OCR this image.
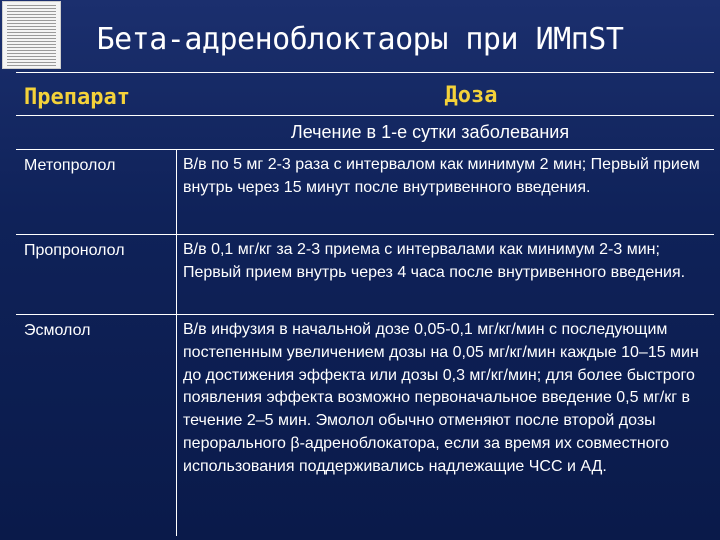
Бета-адреноблоктаоры при ИМпST
Препарат	Доза
Лечение в 1-е сутки заболевания
Метопролол	В/в по 5 мг 2-3 раза с интервалом как минимум 2 мин; Первый прием внутрь через 15 минут после внутривенного введения.
Пропронолол	В/в 0,1 мг/кг за 2-3 приема с интервалами как минимум 2-3 мин; Первый прием внутрь через 4 часа после внутривенного введения.
Эсмолол	В/в инфузия в начальной дозе 0,05-0,1 мг/кг/мин с последующим постепенным увеличением дозы на 0,05 мг/кг/мин каждые 10–15 мин до достижения эффекта или дозы 0,3 мг/кг/мин; для более быстрого появления эффекта возможно первоначальное введение 0,5 мг/кг в течение 2–5 мин. Эмолол обычно отменяют после второй дозы перорального β-адреноблокатора, если за время их совместного использования поддерживались надлежащие ЧСС и АД.
